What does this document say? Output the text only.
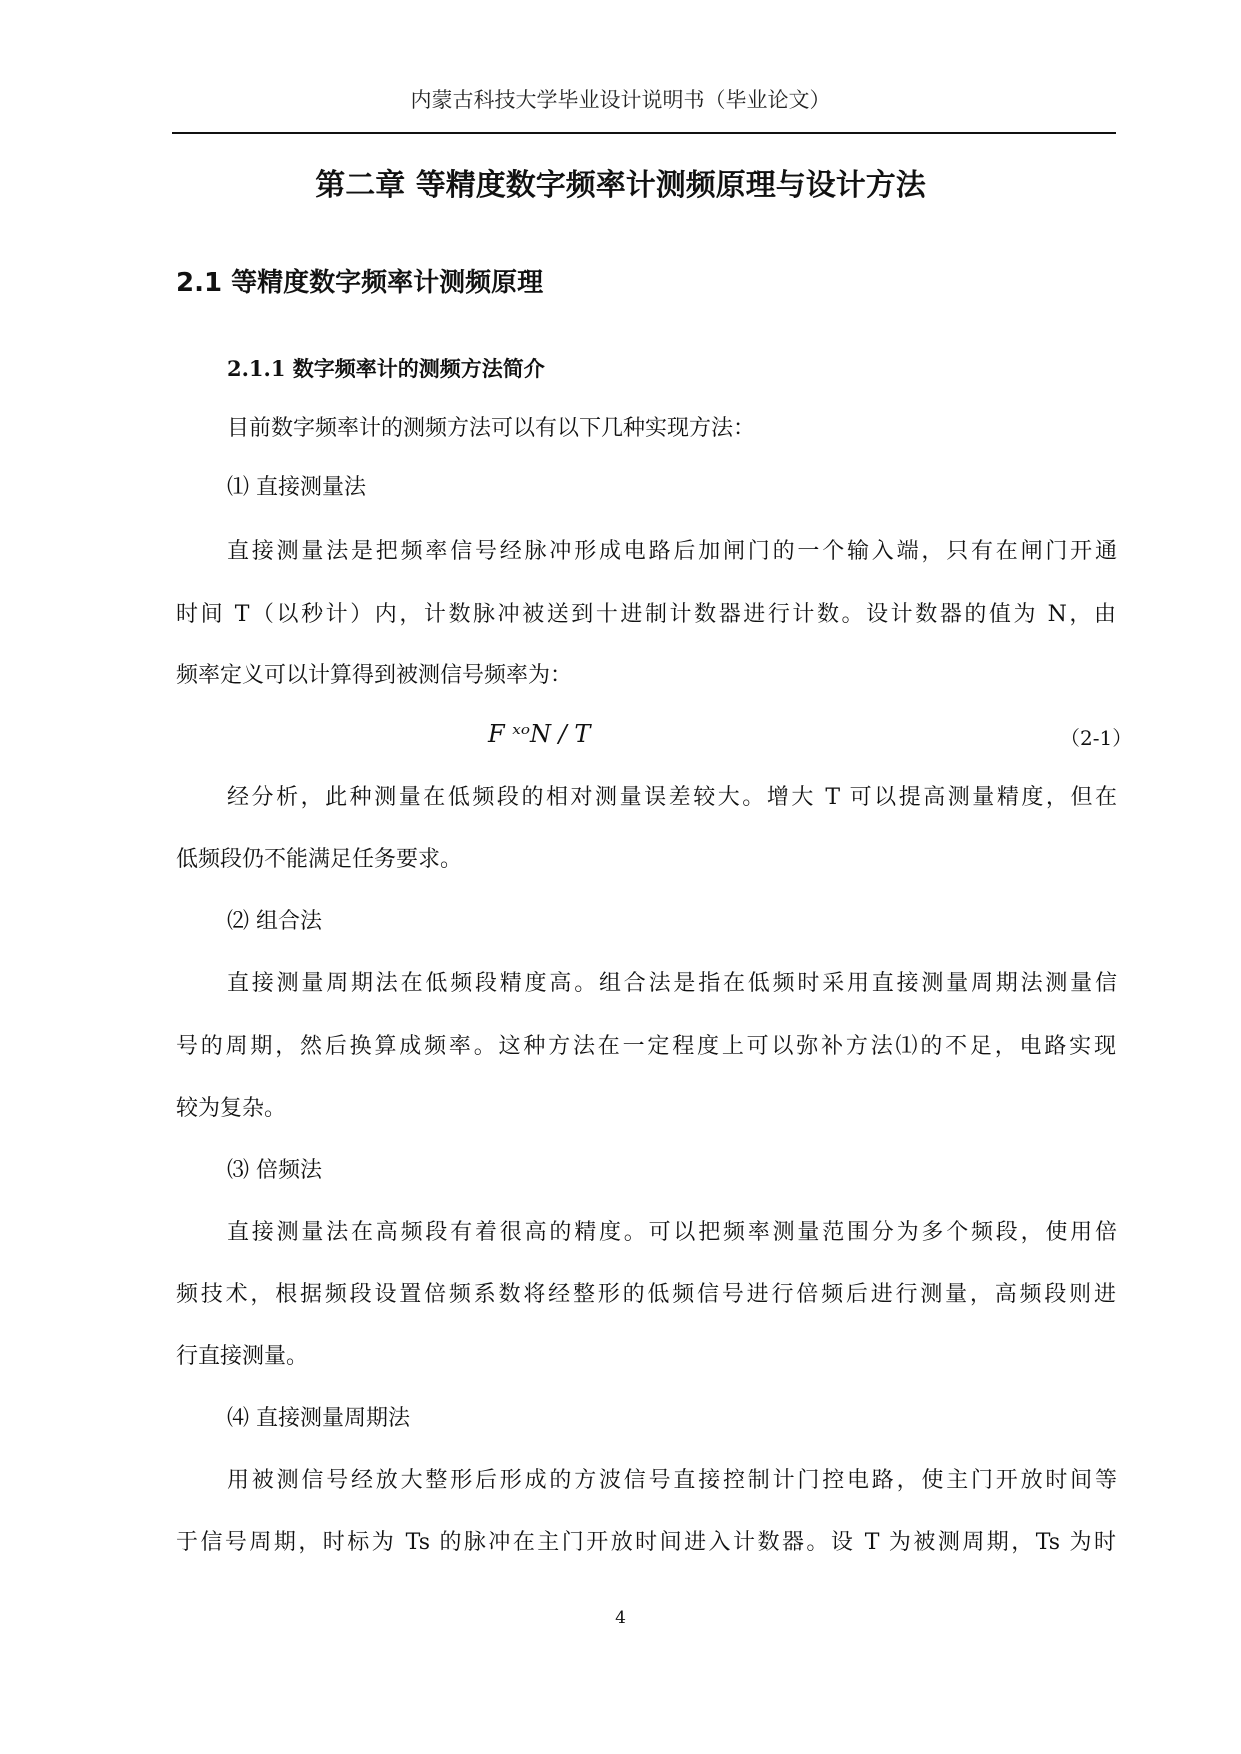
内蒙古科技大学毕业设计说明书（毕业论文）
第二章 等精度数字频率计测频原理与设计方法
2.1 等精度数字频率计测频原理
2.1.1 数字频率计的测频方法简介
目前数字频率计的测频方法可以有以下几种实现方法：
⑴ 直接测量法
直接测量法是把频率信号经脉冲形成电路后加闸门的一个输入端，只有在闸门开通
时间 T（以秒计）内，计数脉冲被送到十进制计数器进行计数。设计数器的值为 N，由
频率定义可以计算得到被测信号频率为：
F ˣᵒN / T	（2-1）
经分析，此种测量在低频段的相对测量误差较大。增大 T 可以提高测量精度，但在
低频段仍不能满足任务要求。
⑵ 组合法
直接测量周期法在低频段精度高。组合法是指在低频时采用直接测量周期法测量信
号的周期，然后换算成频率。这种方法在一定程度上可以弥补方法⑴的不足，电路实现
较为复杂。
⑶ 倍频法
直接测量法在高频段有着很高的精度。可以把频率测量范围分为多个频段，使用倍
频技术，根据频段设置倍频系数将经整形的低频信号进行倍频后进行测量，高频段则进
行直接测量。
⑷ 直接测量周期法
用被测信号经放大整形后形成的方波信号直接控制计门控电路，使主门开放时间等
于信号周期，时标为 Ts 的脉冲在主门开放时间进入计数器。设 T 为被测周期，Ts 为时
4
